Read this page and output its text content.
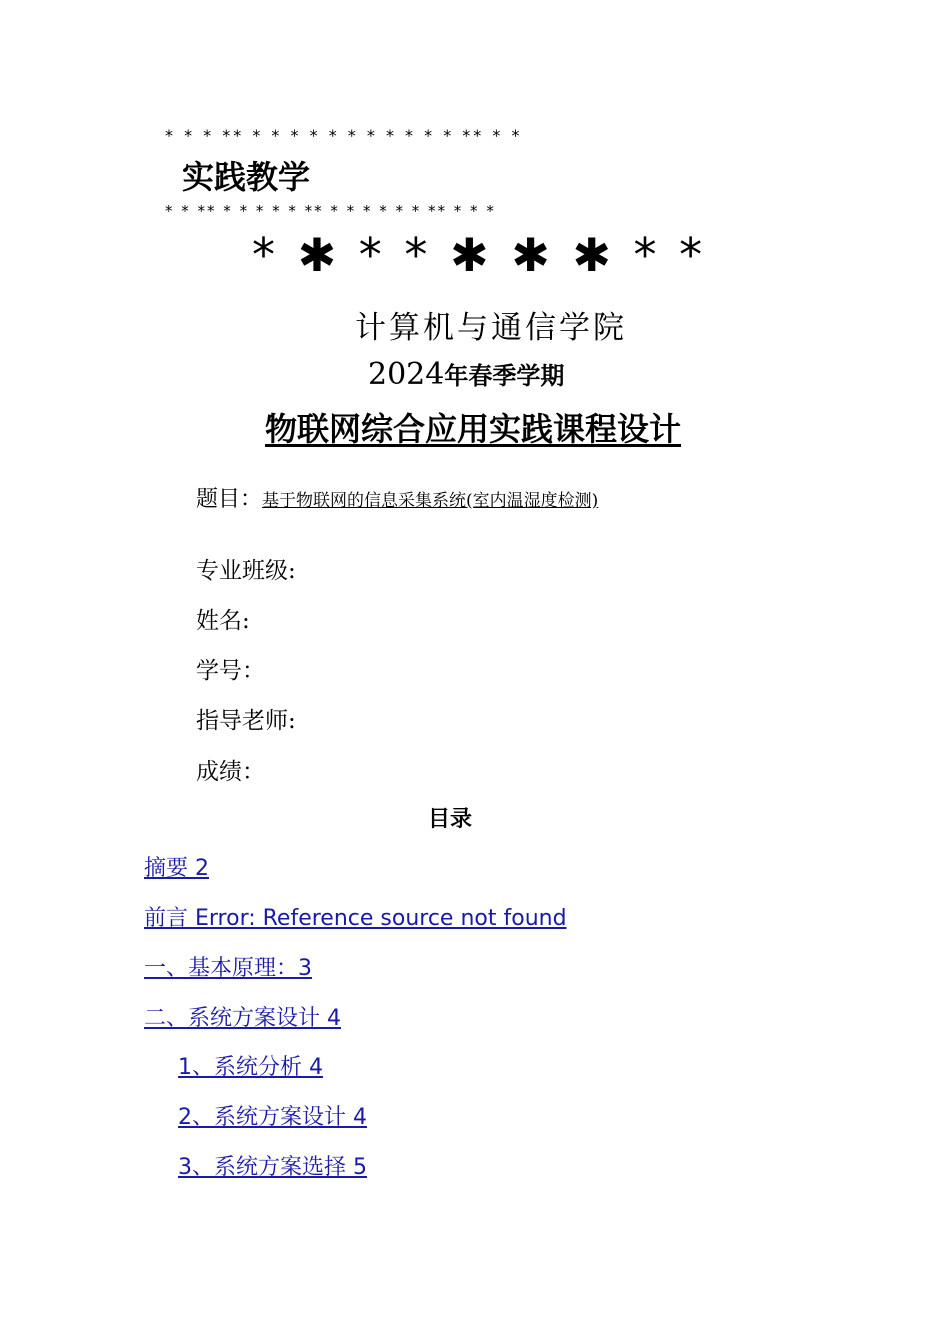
* * * ** * * * * * * * * * * * ** * *
实践教学
* * ** * * * * * ** * * * * * * ** * * *
* ✱ * * ✱ ✱ ✱ * *
计算机与通信学院
2024年春季学期
物联网综合应用实践课程设计
题目：基于物联网的信息采集系统(室内温湿度检测)
专业班级:
姓名:
学号：
指导老师:
成绩：
目录
摘要 2
前言 Error: Reference source not found
一、基本原理：3
二、系统方案设计 4
1、系统分析 4
2、系统方案设计 4
3、系统方案选择 5
